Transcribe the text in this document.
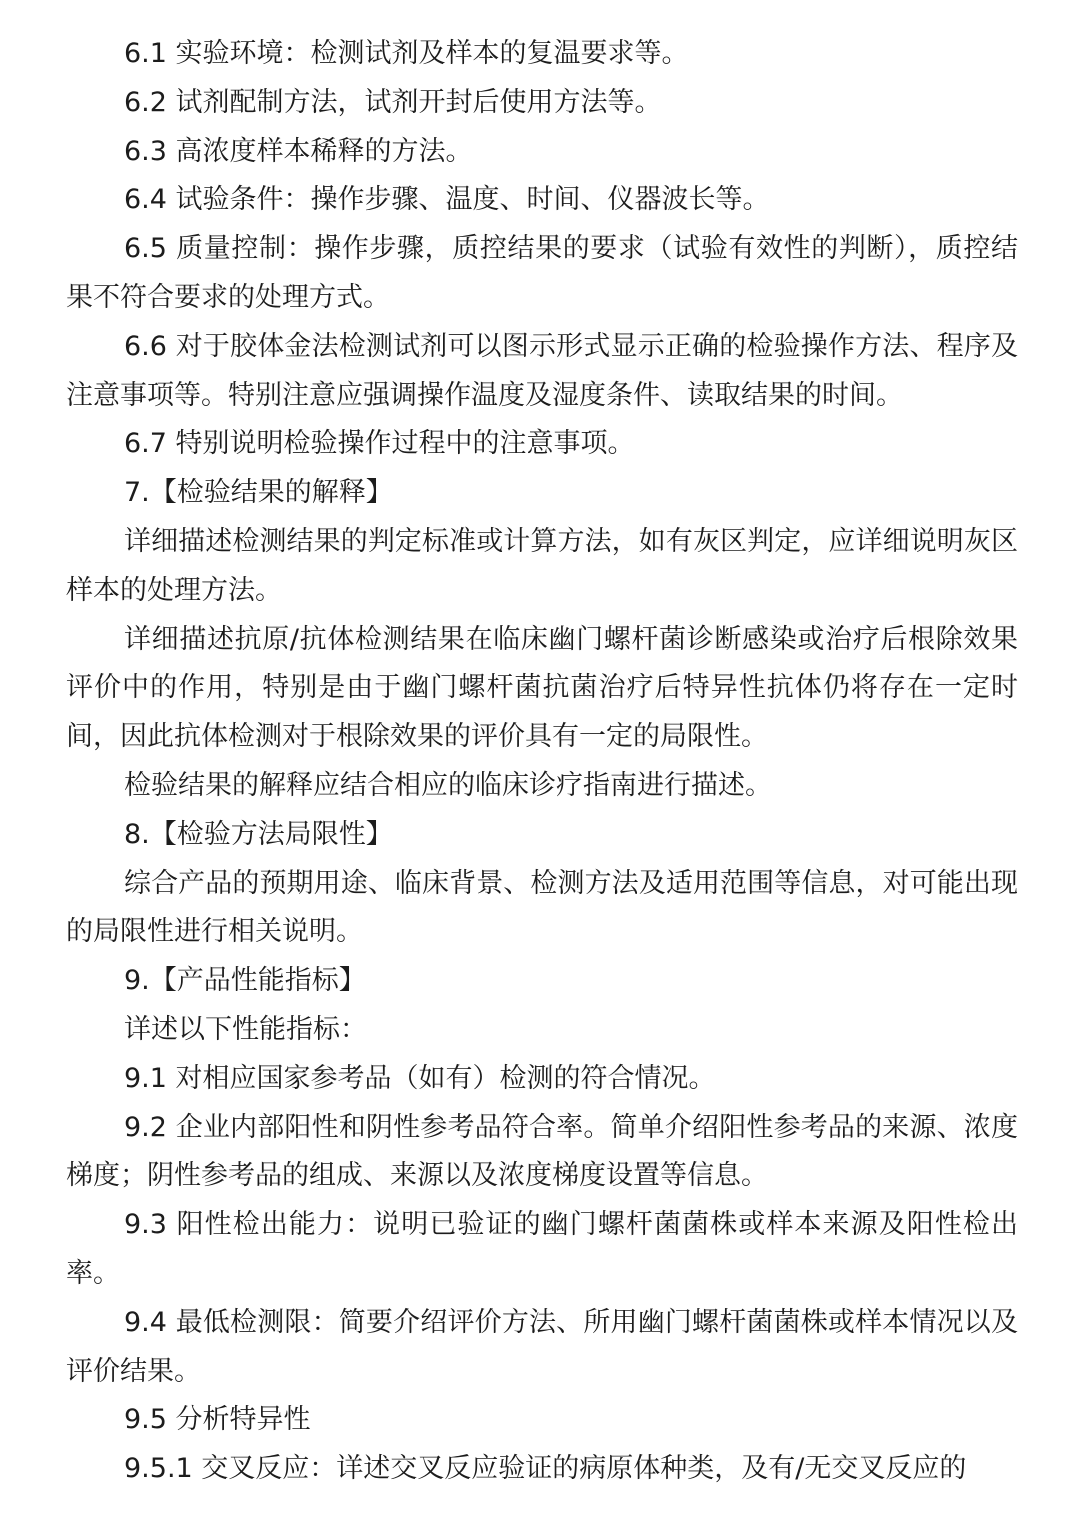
6.1 实验环境：检测试剂及样本的复温要求等。

6.2 试剂配制方法，试剂开封后使用方法等。

6.3 高浓度样本稀释的方法。

6.4 试验条件：操作步骤、温度、时间、仪器波长等。

6.5 质量控制：操作步骤，质控结果的要求（试验有效性的判断），质控结果不符合要求的处理方式。

6.6 对于胶体金法检测试剂可以图示形式显示正确的检验操作方法、程序及注意事项等。特别注意应强调操作温度及湿度条件、读取结果的时间。

6.7 特别说明检验操作过程中的注意事项。

7.【检验结果的解释】

详细描述检测结果的判定标准或计算方法，如有灰区判定，应详细说明灰区样本的处理方法。

详细描述抗原/抗体检测结果在临床幽门螺杆菌诊断感染或治疗后根除效果评价中的作用，特别是由于幽门螺杆菌抗菌治疗后特异性抗体仍将存在一定时间，因此抗体检测对于根除效果的评价具有一定的局限性。

检验结果的解释应结合相应的临床诊疗指南进行描述。

8.【检验方法局限性】

综合产品的预期用途、临床背景、检测方法及适用范围等信息，对可能出现的局限性进行相关说明。

9.【产品性能指标】

详述以下性能指标：

9.1 对相应国家参考品（如有）检测的符合情况。

9.2 企业内部阳性和阴性参考品符合率。简单介绍阳性参考品的来源、浓度梯度；阴性参考品的组成、来源以及浓度梯度设置等信息。

9.3 阳性检出能力：说明已验证的幽门螺杆菌菌株或样本来源及阳性检出率。

9.4 最低检测限：简要介绍评价方法、所用幽门螺杆菌菌株或样本情况以及评价结果。

9.5 分析特异性

9.5.1 交叉反应：详述交叉反应验证的病原体种类，及有/无交叉反应的
